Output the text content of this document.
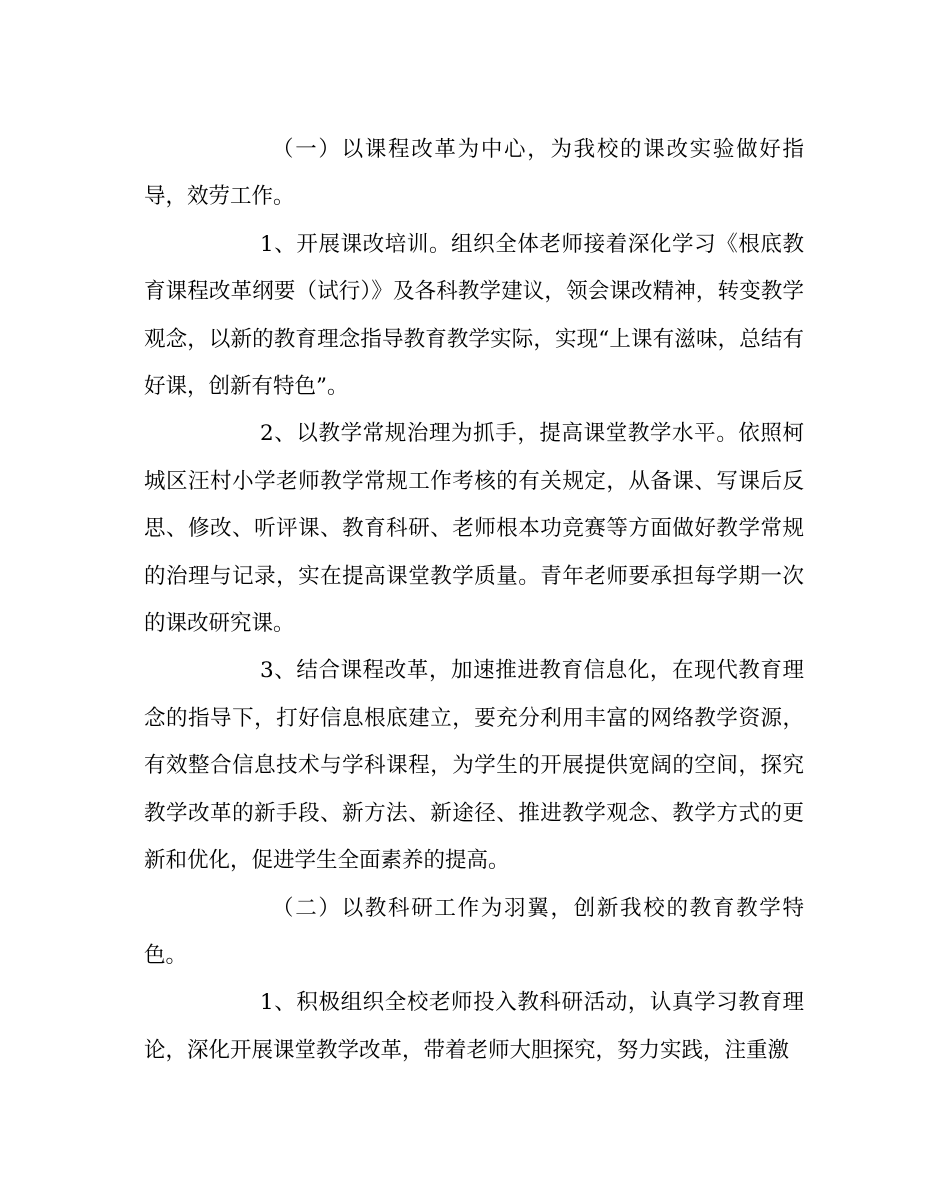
（一）以课程改革为中心，为我校的课改实验做好指导，效劳工作。

1、开展课改培训。组织全体老师接着深化学习《根底教育课程改革纲要（试行）》及各科教学建议，领会课改精神，转变教学观念，以新的教育理念指导教育教学实际，实现“上课有滋味，总结有好课，创新有特色”。

2、以教学常规治理为抓手，提高课堂教学水平。依照柯城区汪村小学老师教学常规工作考核的有关规定，从备课、写课后反思、修改、听评课、教育科研、老师根本功竞赛等方面做好教学常规的治理与记录，实在提高课堂教学质量。青年老师要承担每学期一次的课改研究课。

3、结合课程改革，加速推进教育信息化，在现代教育理念的指导下，打好信息根底建立，要充分利用丰富的网络教学资源，有效整合信息技术与学科课程，为学生的开展提供宽阔的空间，探究教学改革的新手段、新方法、新途径、推进教学观念、教学方式的更新和优化，促进学生全面素养的提高。

（二）以教科研工作为羽翼，创新我校的教育教学特色。

1、积极组织全校老师投入教科研活动，认真学习教育理论，深化开展课堂教学改革，带着老师大胆探究，努力实践，注重激
